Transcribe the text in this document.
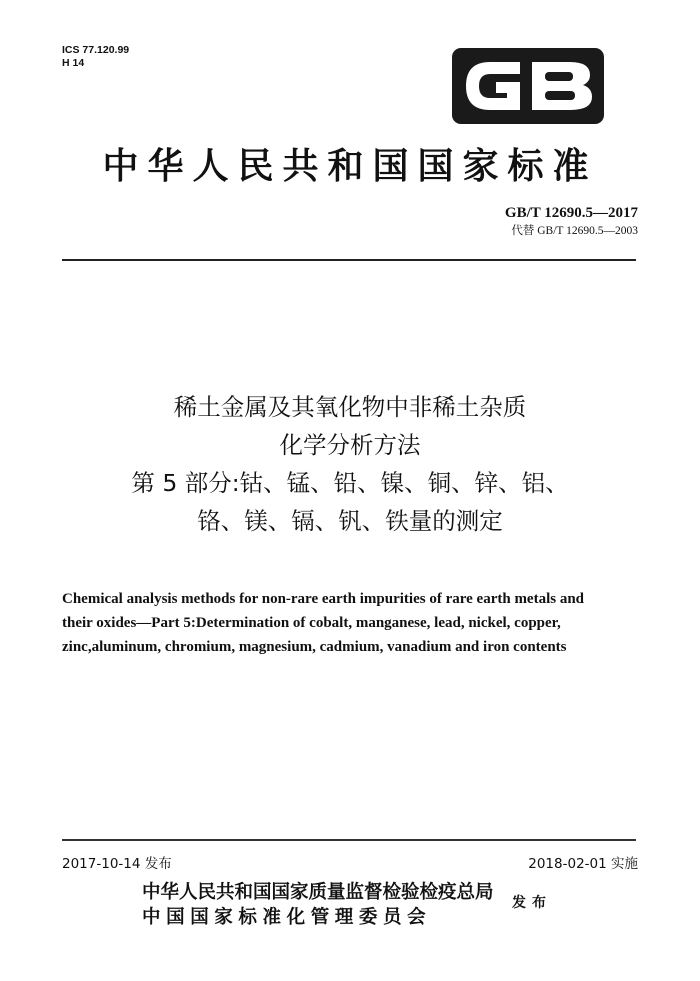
ICS 77.120.99
H 14
中华人民共和国国家标准
GB/T 12690.5—2017
代替 GB/T 12690.5—2003
稀土金属及其氧化物中非稀土杂质
化学分析方法
第 5 部分:钴、锰、铅、镍、铜、锌、铝、
铬、镁、镉、钒、铁量的测定
Chemical analysis methods for non-rare earth impurities of rare earth metals and
their oxides—Part 5:Determination of cobalt, manganese, lead, nickel, copper,
zinc,aluminum, chromium, magnesium, cadmium, vanadium and iron contents
2017-10-14 发布	2018-02-01 实施
中华人民共和国国家质量监督检验检疫总局
中国国家标准化管理委员会
发布
